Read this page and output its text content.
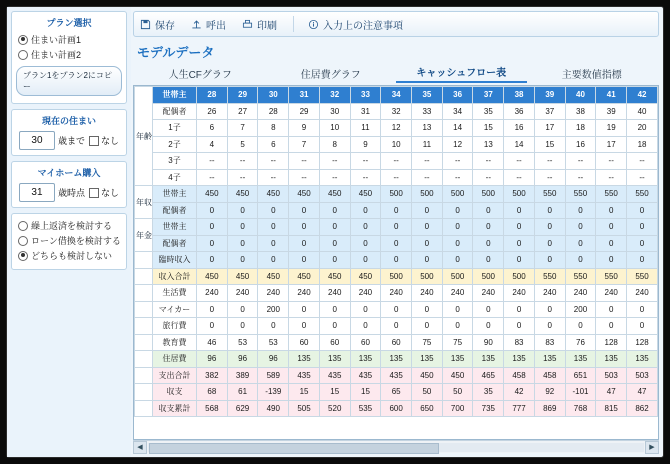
プラン選択
住まい計画1
住まい計画2
プラン1をプラン2にコピー
現在の住まい
30	歳まで なし
マイホーム購入
31	歳時点 なし
繰上返済を検討する
ローン借換を検討する
どちらも検討しない
保存	呼出	印刷	入力上の注意事項
モデルデータ
人生CFグラフ	住居費グラフ	キャッシュフロー表	主要数値指標
年齢	世帯主	28	29	30	31	32	33	34	35	36	37	38	39	40	41	42
	配偶者	26	27	28	29	30	31	32	33	34	35	36	37	38	39	40
	1子	6	7	8	9	10	11	12	13	14	15	16	17	18	19	20
	2子	4	5	6	7	8	9	10	11	12	13	14	15	16	17	18
	3子	--	--	--	--	--	--	--	--	--	--	--	--	--	--	--
	4子	--	--	--	--	--	--	--	--	--	--	--	--	--	--	--
年収	世帯主	450	450	450	450	450	450	500	500	500	500	500	550	550	550	550
	配偶者	0	0	0	0	0	0	0	0	0	0	0	0	0	0	0
年金	世帯主	0	0	0	0	0	0	0	0	0	0	0	0	0	0	0
	配偶者	0	0	0	0	0	0	0	0	0	0	0	0	0	0	0
	臨時収入	0	0	0	0	0	0	0	0	0	0	0	0	0	0	0
	収入合計	450	450	450	450	450	450	500	500	500	500	500	550	550	550	550
	生活費	240	240	240	240	240	240	240	240	240	240	240	240	240	240	240
	マイカー	0	0	200	0	0	0	0	0	0	0	0	0	200	0	0
	旅行費	0	0	0	0	0	0	0	0	0	0	0	0	0	0	0
	教育費	46	53	53	60	60	60	60	75	75	90	83	83	76	128	128
	住居費	96	96	96	135	135	135	135	135	135	135	135	135	135	135	135
	支出合計	382	389	589	435	435	435	435	450	450	465	458	458	651	503	503
	収支	68	61	-139	15	15	15	65	50	50	35	42	92	-101	47	47
	収支累計	568	629	490	505	520	535	600	650	700	735	777	869	768	815	862
◀	▶
